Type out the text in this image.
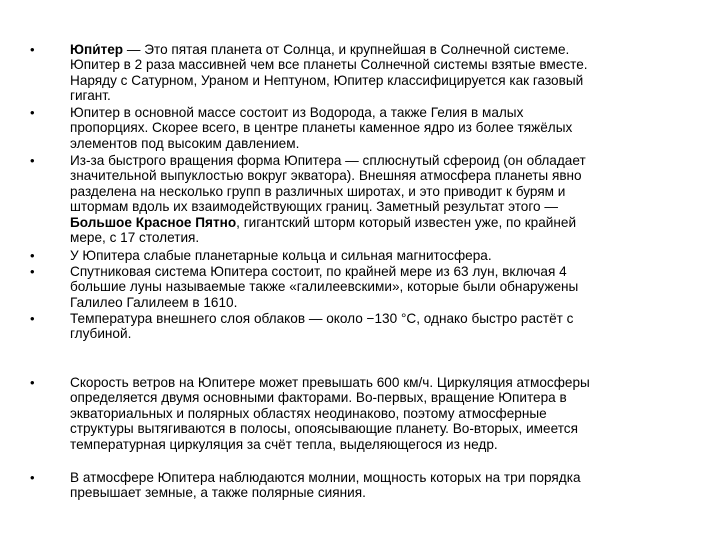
•	Юпи́тер — Это пятая планета от Солнца, и крупнейшая в Солнечной системе.
Юпитер в 2 раза массивней чем все планеты Солнечной системы взятые вместе.
Наряду с Сатурном, Ураном и Нептуном, Юпитер классифицируется как газовый
гигант.
•	Юпитер в основной массе состоит из Водорода, а также Гелия в малых
пропорциях. Скорее всего, в центре планеты каменное ядро из более тяжёлых
элементов под высоким давлением.
•	Из-за быстрого вращения форма Юпитера — сплюснутый сфероид (он обладает
значительной выпуклостью вокруг экватора). Внешняя атмосфера планеты явно
разделена на несколько групп в различных широтах, и это приводит к бурям и
штормам вдоль их взаимодействующих границ. Заметный результат этого —
Большое Красное Пятно, гигантский шторм который известен уже, по крайней
мере, с 17 столетия.
•	У Юпитера слабые планетарные кольца и сильная магнитосфера.
•	Спутниковая система Юпитера состоит, по крайней мере из 63 лун, включая 4
большие луны называемые также «галилеевскими», которые были обнаружены
Галилео Галилеем в 1610.
•	Температура внешнего слоя облаков — около −130 °C, однако быстро растёт с
глубиной.
•	Скорость ветров на Юпитере может превышать 600 км/ч. Циркуляция атмосферы
определяется двумя основными факторами. Во-первых, вращение Юпитера в
экваториальных и полярных областях неодинаково, поэтому атмосферные
структуры вытягиваются в полосы, опоясывающие планету. Во-вторых, имеется
температурная циркуляция за счёт тепла, выделяющегося из недр.
•	В атмосфере Юпитера наблюдаются молнии, мощность которых на три порядка
превышает земные, а также полярные сияния.
